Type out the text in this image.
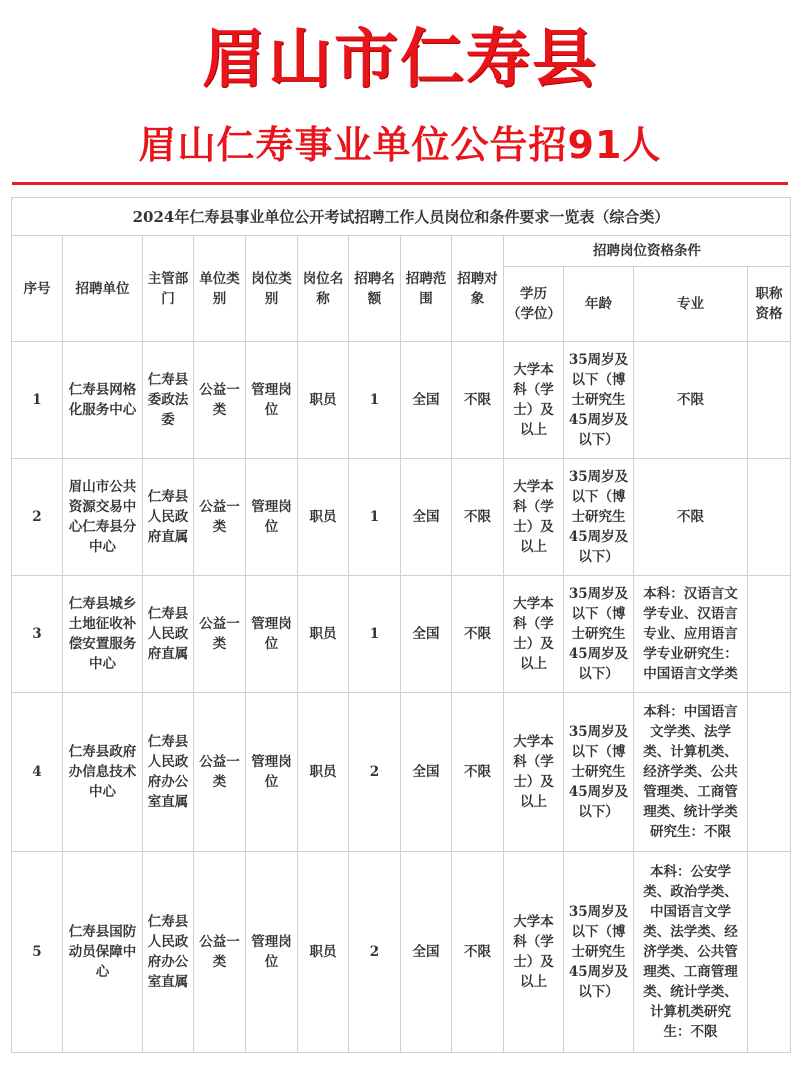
眉山市仁寿县
眉山仁寿事业单位公告招91人
2024年仁寿县事业单位公开考试招聘工作人员岗位和条件要求一览表（综合类）												
序号	招聘单位	主管部门	单位类别	岗位类别	岗位名称	招聘名额	招聘范围	招聘对象	招聘岗位资格条件			
									学历（学位）	年龄	专业	职称资格
1	仁寿县网格化服务中心	仁寿县委政法委	公益一类	管理岗位	职员	1	全国	不限	大学本科（学士）及以上	35周岁及以下（博士研究生45周岁及以下）	不限	
2	眉山市公共资源交易中心仁寿县分中心	仁寿县人民政府直属	公益一类	管理岗位	职员	1	全国	不限	大学本科（学士）及以上	35周岁及以下（博士研究生45周岁及以下）	不限	
3	仁寿县城乡土地征收补偿安置服务中心	仁寿县人民政府直属	公益一类	管理岗位	职员	1	全国	不限	大学本科（学士）及以上	35周岁及以下（博士研究生45周岁及以下）	本科：汉语言文学专业、汉语言专业、应用语言学专业研究生：中国语言文学类	
4	仁寿县政府办信息技术中心	仁寿县人民政府办公室直属	公益一类	管理岗位	职员	2	全国	不限	大学本科（学士）及以上	35周岁及以下（博士研究生45周岁及以下）	本科：中国语言文学类、法学类、计算机类、经济学类、公共管理类、工商管理类、统计学类研究生：不限	
5	仁寿县国防动员保障中心	仁寿县人民政府办公室直属	公益一类	管理岗位	职员	2	全国	不限	大学本科（学士）及以上	35周岁及以下（博士研究生45周岁及以下）	本科：公安学类、政治学类、中国语言文学类、法学类、经济学类、公共管理类、工商管理类、统计学类、计算机类研究生：不限	
